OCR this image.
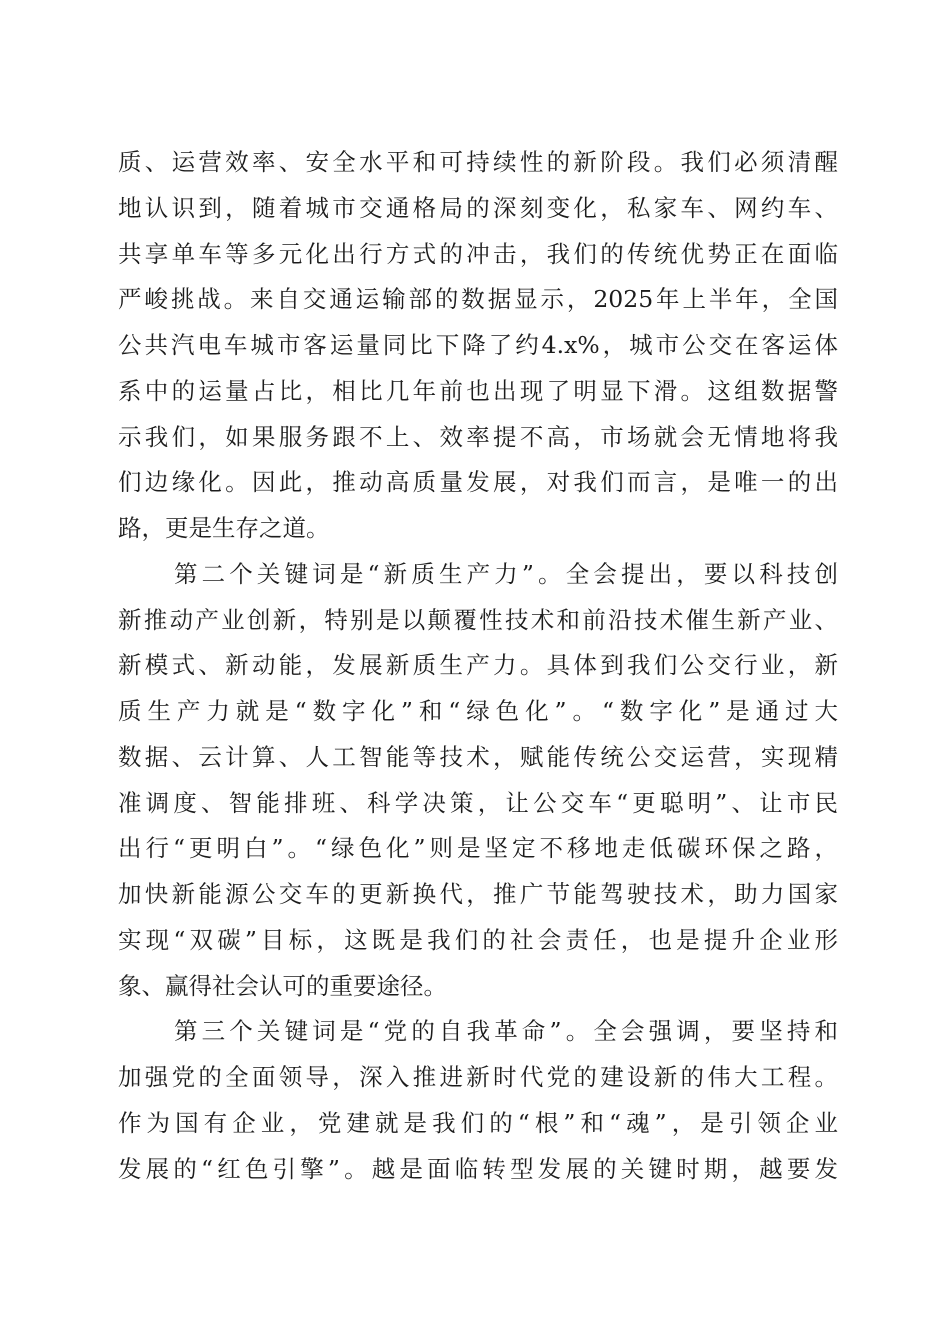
质、运营效率、安全水平和可持续性的新阶段。我们必须清醒
地认识到，随着城市交通格局的深刻变化，私家车、网约车、
共享单车等多元化出行方式的冲击，我们的传统优势正在面临
严峻挑战。来自交通运输部的数据显示，2025年上半年，全国
公共汽电车城市客运量同比下降了约4.x%，城市公交在客运体
系中的运量占比，相比几年前也出现了明显下滑。这组数据警
示我们，如果服务跟不上、效率提不高，市场就会无情地将我
们边缘化。因此，推动高质量发展，对我们而言，是唯一的出
路，更是生存之道。
第二个关键词是“新质生产力”。全会提出，要以科技创
新推动产业创新，特别是以颠覆性技术和前沿技术催生新产业、
新模式、新动能，发展新质生产力。具体到我们公交行业，新
质生产力就是“数字化”和“绿色化”。“数字化”是通过大
数据、云计算、人工智能等技术，赋能传统公交运营，实现精
准调度、智能排班、科学决策，让公交车“更聪明”、让市民
出行“更明白”。“绿色化”则是坚定不移地走低碳环保之路，
加快新能源公交车的更新换代，推广节能驾驶技术，助力国家
实现“双碳”目标，这既是我们的社会责任，也是提升企业形
象、赢得社会认可的重要途径。
第三个关键词是“党的自我革命”。全会强调，要坚持和
加强党的全面领导，深入推进新时代党的建设新的伟大工程。
作为国有企业，党建就是我们的“根”和“魂”，是引领企业
发展的“红色引擎”。越是面临转型发展的关键时期，越要发
